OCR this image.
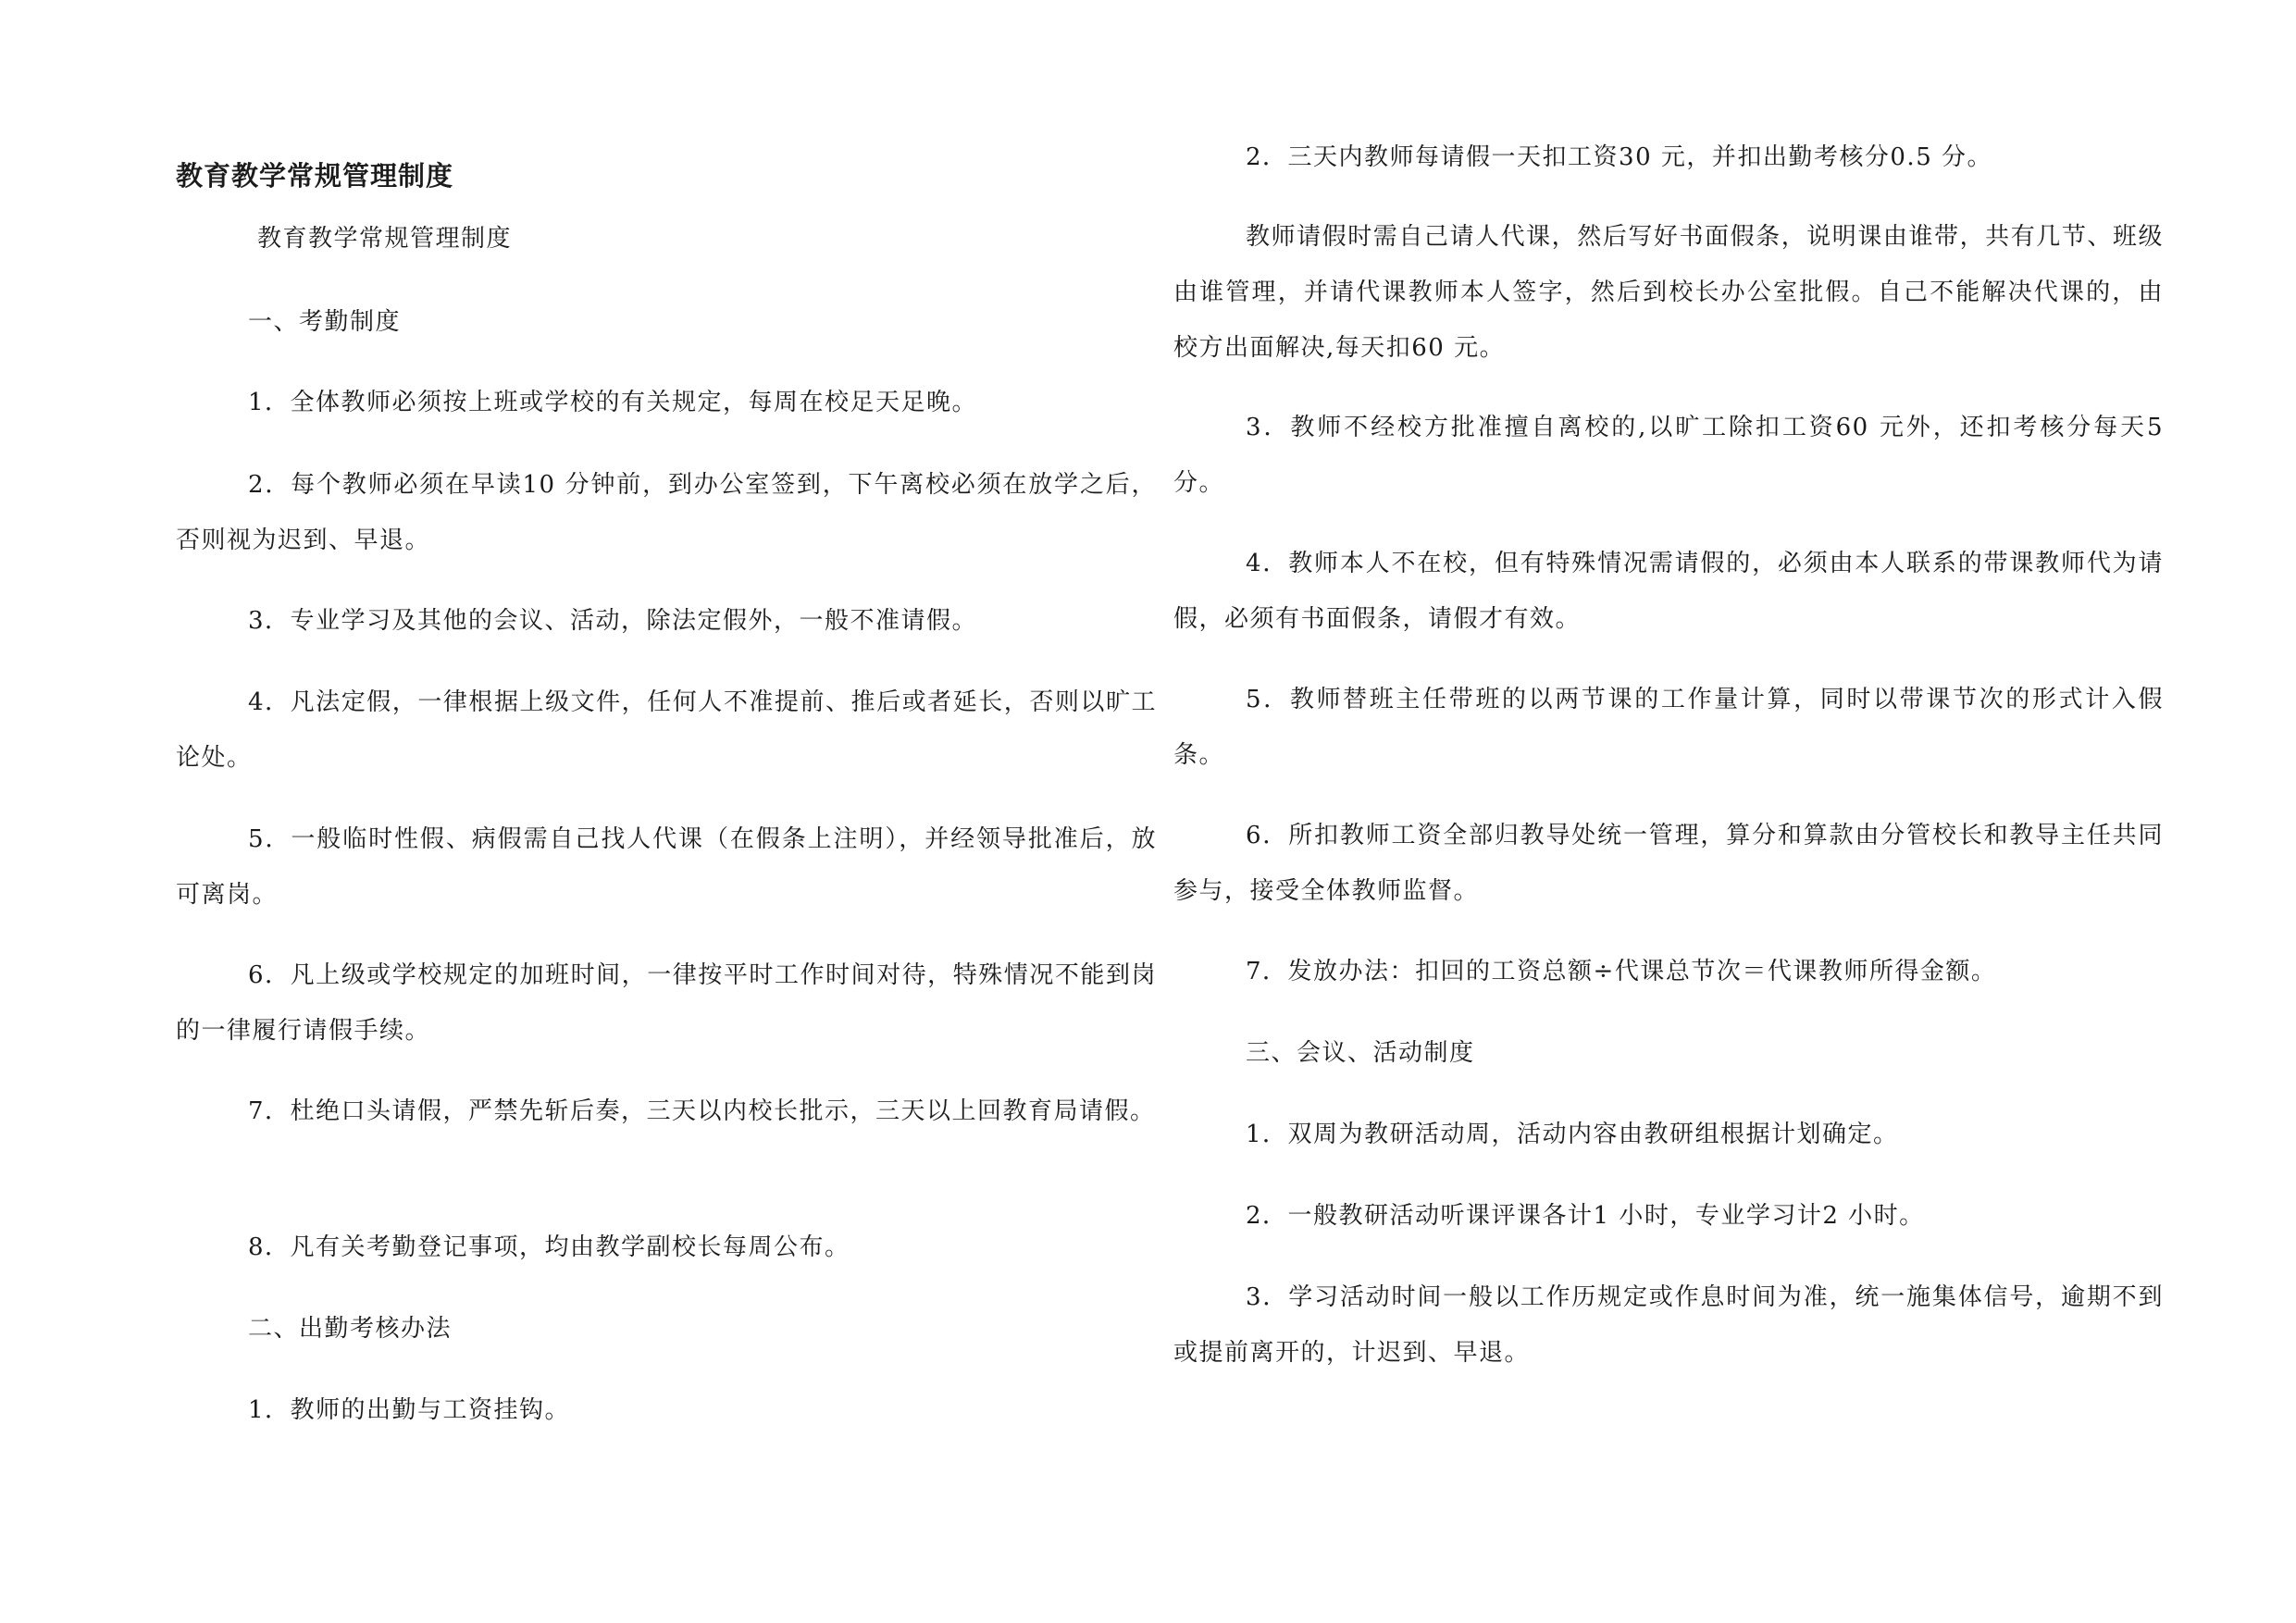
教育教学常规管理制度

教育教学常规管理制度

一、考勤制度

1．全体教师必须按上班或学校的有关规定，每周在校足天足晚。

2．每个教师必须在早读10 分钟前，到办公室签到，下午离校必须在放学之后，否则视为迟到、早退。

3．专业学习及其他的会议、活动，除法定假外，一般不准请假。

4．凡法定假，一律根据上级文件，任何人不准提前、推后或者延长，否则以旷工论处。

5．一般临时性假、病假需自己找人代课（在假条上注明），并经领导批准后，放可离岗。

6．凡上级或学校规定的加班时间，一律按平时工作时间对待，特殊情况不能到岗的一律履行请假手续。

7．杜绝口头请假，严禁先斩后奏，三天以内校长批示，三天以上回教育局请假。

8．凡有关考勤登记事项，均由教学副校长每周公布。

二、出勤考核办法

1．教师的出勤与工资挂钩。

2．三天内教师每请假一天扣工资30 元，并扣出勤考核分0.5 分。

教师请假时需自己请人代课，然后写好书面假条，说明课由谁带，共有几节、班级由谁管理，并请代课教师本人签字，然后到校长办公室批假。自己不能解决代课的，由校方出面解决,每天扣60 元。

3．教师不经校方批准擅自离校的,以旷工除扣工资60 元外，还扣考核分每天5 分。

4．教师本人不在校，但有特殊情况需请假的，必须由本人联系的带课教师代为请假，必须有书面假条，请假才有效。

5．教师替班主任带班的以两节课的工作量计算，同时以带课节次的形式计入假条。

6．所扣教师工资全部归教导处统一管理，算分和算款由分管校长和教导主任共同参与，接受全体教师监督。

7．发放办法：扣回的工资总额÷代课总节次＝代课教师所得金额。

三、会议、活动制度

1．双周为教研活动周，活动内容由教研组根据计划确定。

2．一般教研活动听课评课各计1 小时，专业学习计2 小时。

3．学习活动时间一般以工作历规定或作息时间为准，统一施集体信号，逾期不到或提前离开的，计迟到、早退。
